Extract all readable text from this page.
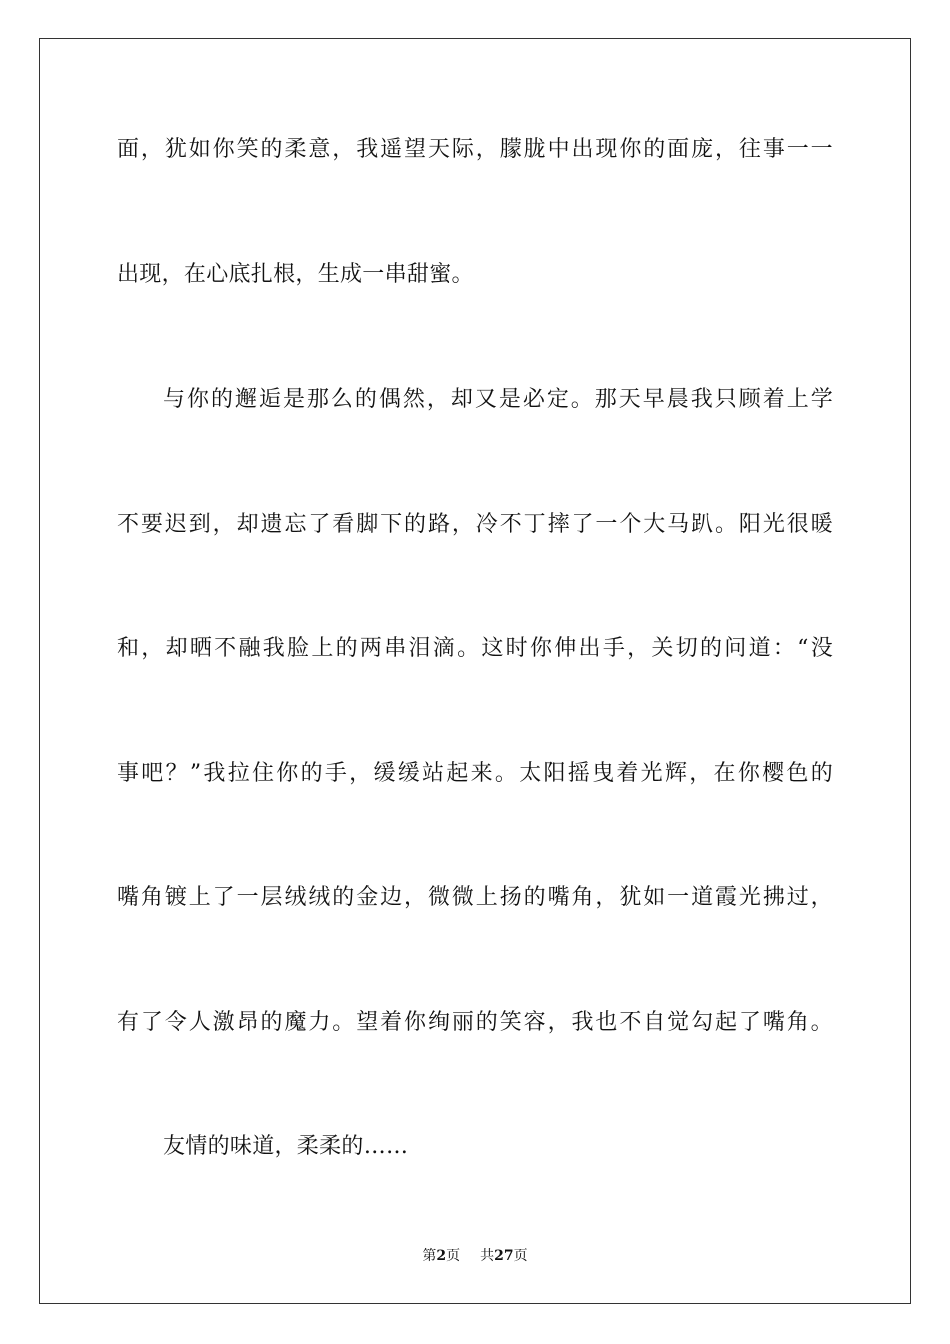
面，犹如你笑的柔意，我遥望天际，朦胧中出现你的面庞，往事一一
出现，在心底扎根，生成一串甜蜜。
与你的邂逅是那么的偶然，却又是必定。那天早晨我只顾着上学
不要迟到，却遗忘了看脚下的路，冷不丁摔了一个大马趴。阳光很暖
和，却晒不融我脸上的两串泪滴。这时你伸出手，关切的问道：“没
事吧？”我拉住你的手，缓缓站起来。太阳摇曳着光辉，在你樱色的
嘴角镀上了一层绒绒的金边，微微上扬的嘴角，犹如一道霞光拂过，
有了令人激昂的魔力。望着你绚丽的笑容，我也不自觉勾起了嘴角。
友情的味道，柔柔的……
第2页 共27页
